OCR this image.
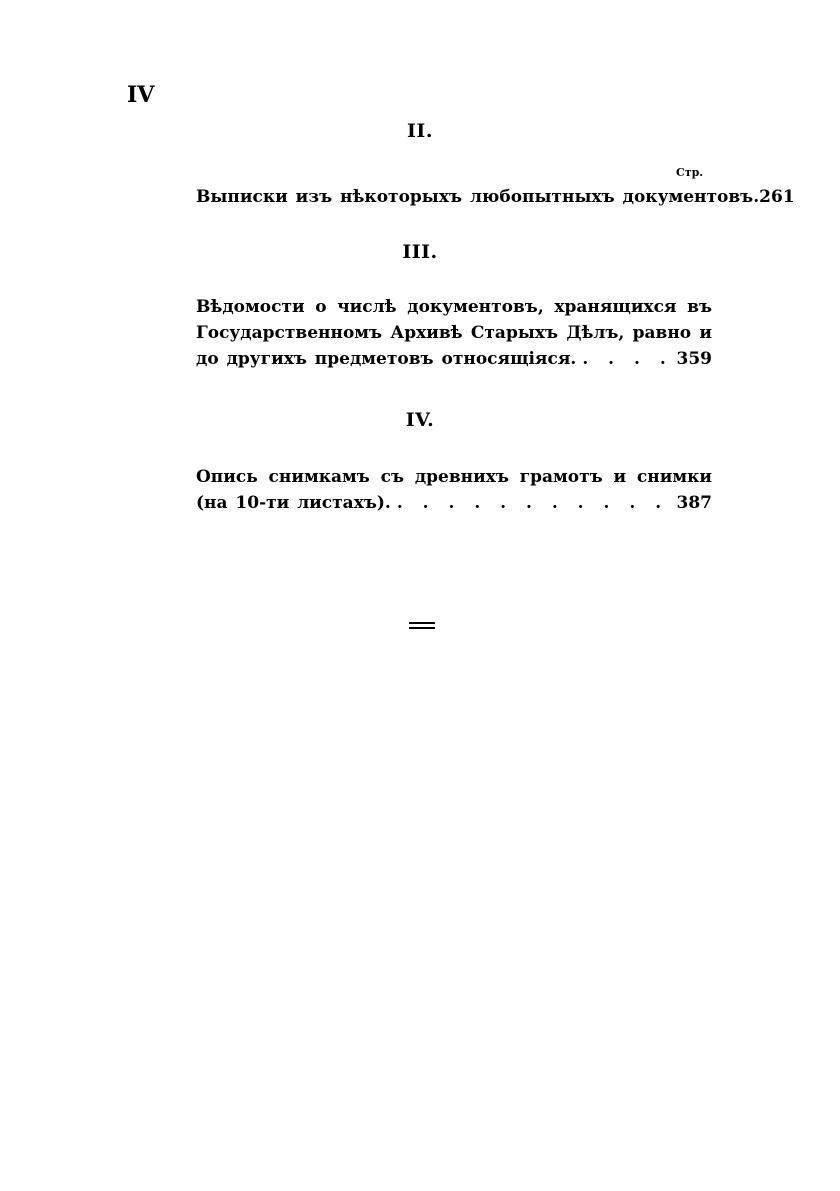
IV
II.
Стр.
Выписки изъ нѣкоторыхъ любопытныхъ документовъ. 261
III.
Вѣдомости о числѣ документовъ, хранящихся въ
Государственномъ Архивѣ Старыхъ Дѣлъ, равно и
до другихъ предметовъ относящіяся. . . .	359
IV.
Опись снимкамъ съ древнихъ грамотъ и снимки
(на 10-ти листахъ). . . .	387
